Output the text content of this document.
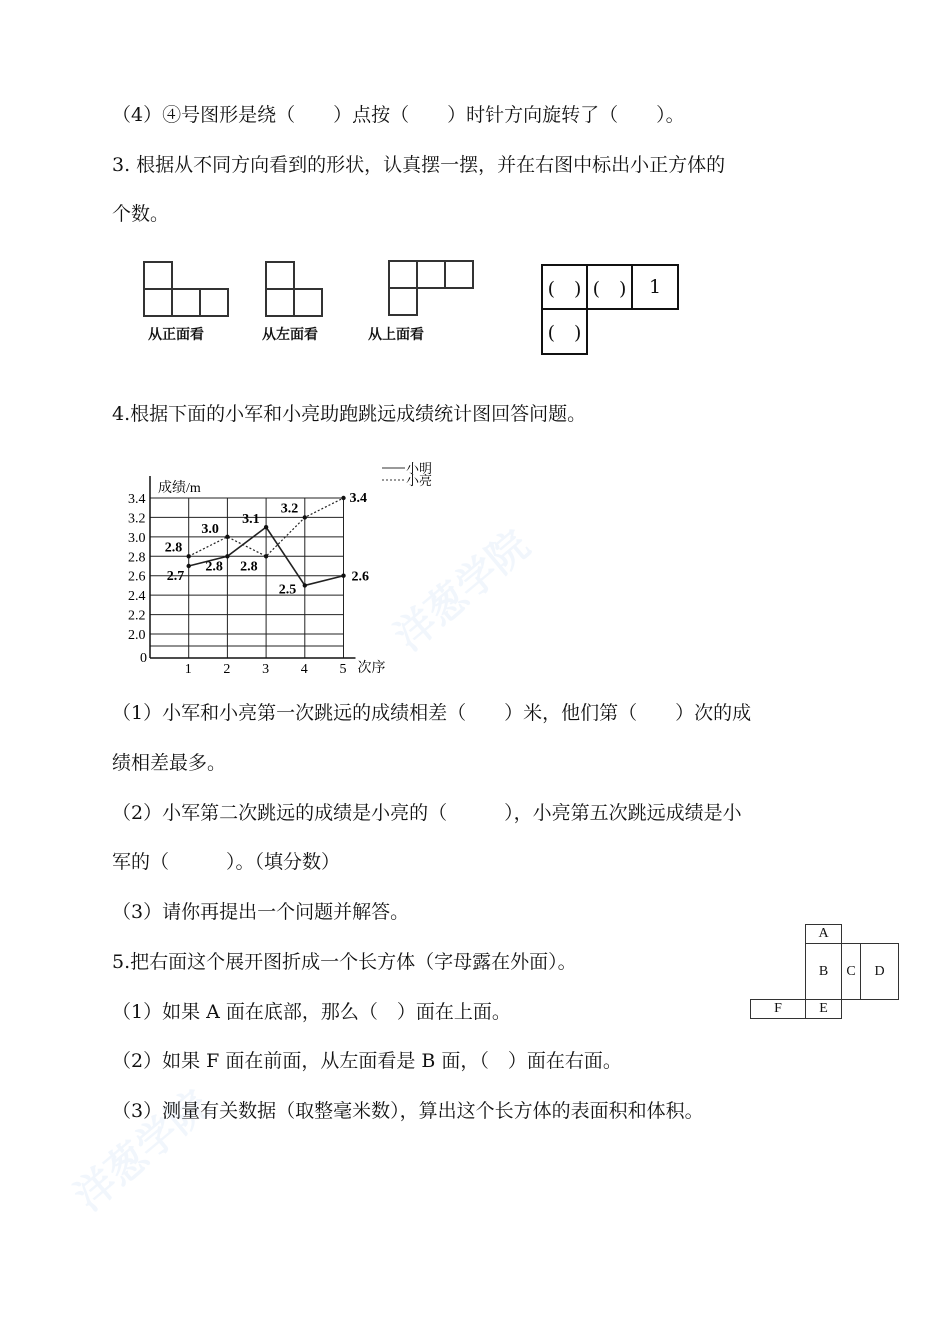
洋葱学院
洋葱学院
（4）④号图形是绕（　　）点按（　　）时针方向旋转了（　　）。
3. 根据从不同方向看到的形状，认真摆一摆，并在右图中标出小正方体的
个数。
从正面看	从左面看	从上面看
(　) (　)	1
(　)
4.根据下面的小军和小亮助跑跳远成绩统计图回答问题。
2.0
2.2
2.4
2.6
2.8
3.0
3.2
3.4
1 2 3 4 5
0
成绩/m
次序
小明
小亮
2.7
2.8
3.1
2.5
2.6
2.8
3.0
2.8
3.2
3.4
（1）小军和小亮第一次跳远的成绩相差（　　）米，他们第（　　）次的成
绩相差最多。
（2）小军第二次跳远的成绩是小亮的（　　　），小亮第五次跳远成绩是小
军的（　　　）。（填分数）
（3）请你再提出一个问题并解答。
5.把右面这个展开图折成一个长方体（字母露在外面）。
（1）如果 A 面在底部，那么（　）面在上面。
（2）如果 F 面在前面，从左面看是 B 面，（　）面在右面。
（3）测量有关数据（取整毫米数），算出这个长方体的表面积和体积。
A
B	C	D
F	E
